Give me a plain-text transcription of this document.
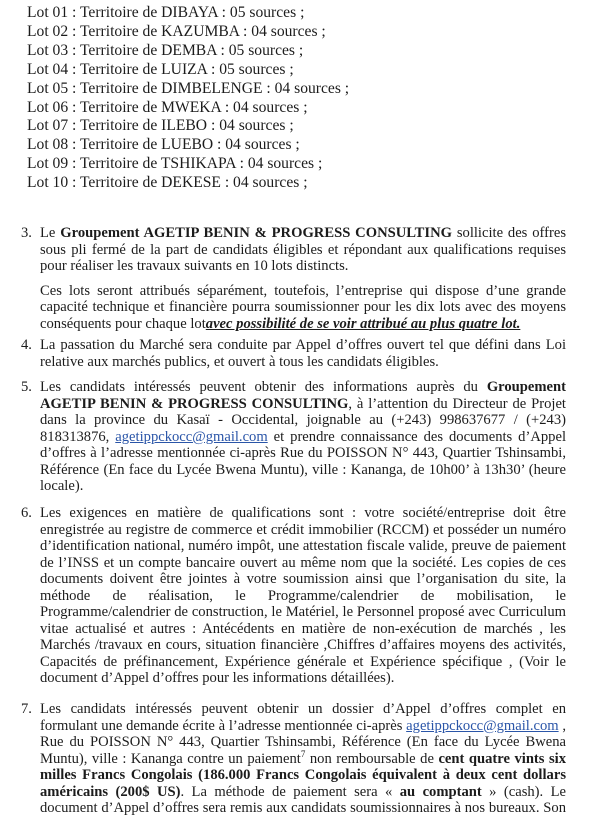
Lot 01 : Territoire de DIBAYA : 05 sources ;
Lot 02 : Territoire de KAZUMBA : 04 sources ;
Lot 03 : Territoire de DEMBA : 05 sources ;
Lot 04 : Territoire de LUIZA : 05 sources ;
Lot 05 : Territoire de DIMBELENGE : 04 sources ;
Lot 06 : Territoire de MWEKA : 04 sources ;
Lot 07 : Territoire de ILEBO : 04 sources ;
Lot 08 : Territoire de LUEBO : 04 sources ;
Lot 09 : Territoire de TSHIKAPA : 04 sources ;
Lot 10 : Territoire de DEKESE : 04 sources ;
3. Le Groupement AGETIP BENIN & PROGRESS CONSULTING sollicite des offres sous pli fermé de la part de candidats éligibles et répondant aux qualifications requises pour réaliser les travaux suivants en 10 lots distincts.
Ces lots seront attribués séparément, toutefois, l’entreprise qui dispose d’une grande capacité technique et financière pourra soumissionner pour les dix lots avec des moyens conséquents pour chaque lotavec possibilité de se voir attribué au plus quatre lot.
4. La passation du Marché sera conduite par Appel d’offres ouvert tel que défini dans Loi relative aux marchés publics, et ouvert à tous les candidats éligibles.
5. Les candidats intéressés peuvent obtenir des informations auprès du Groupement AGETIP BENIN & PROGRESS CONSULTING, à l’attention du Directeur de Projet dans la province du Kasaï - Occidental, joignable au (+243) 998637677 / (+243) 818313876, agetippckocc@gmail.com et prendre connaissance des documents d’Appel d’offres à l’adresse mentionnée ci-après Rue du POISSON N° 443, Quartier Tshinsambi, Référence (En face du Lycée Bwena Muntu), ville : Kananga, de 10h00’ à 13h30’ (heure locale).
6. Les exigences en matière de qualifications sont : votre société/entreprise doit être enregistrée au registre de commerce et crédit immobilier (RCCM) et posséder un numéro d’identification national, numéro impôt, une attestation fiscale valide, preuve de paiement de l’INSS et un compte bancaire ouvert au même nom que la société. Les copies de ces documents doivent être jointes à votre soumission ainsi que l’organisation du site, la méthode de réalisation, le Programme/calendrier de mobilisation, le Programme/calendrier de construction, le Matériel, le Personnel proposé avec Curriculum vitae actualisé et autres : Antécédents en matière de non-exécution de marchés , les Marchés /travaux en cours, situation financière ,Chiffres d’affaires moyens des activités, Capacités de préfinancement, Expérience générale et Expérience spécifique , (Voir le document d’Appel d’offres pour les informations détaillées).
7. Les candidats intéressés peuvent obtenir un dossier d’Appel d’offres complet en formulant une demande écrite à l’adresse mentionnée ci-après agetippckocc@gmail.com , Rue du POISSON N° 443, Quartier Tshinsambi, Référence (En face du Lycée Bwena Muntu), ville : Kananga contre un paiement$^7$ non remboursable de cent quatre vints six milles Francs Congolais (186.000 Francs Congolais équivalent à deux cent dollars américains (200$ US). La méthode de paiement sera « au comptant » (cash). Le document d’Appel d’offres sera remis aux candidats soumissionnaires à nos bureaux. Son
